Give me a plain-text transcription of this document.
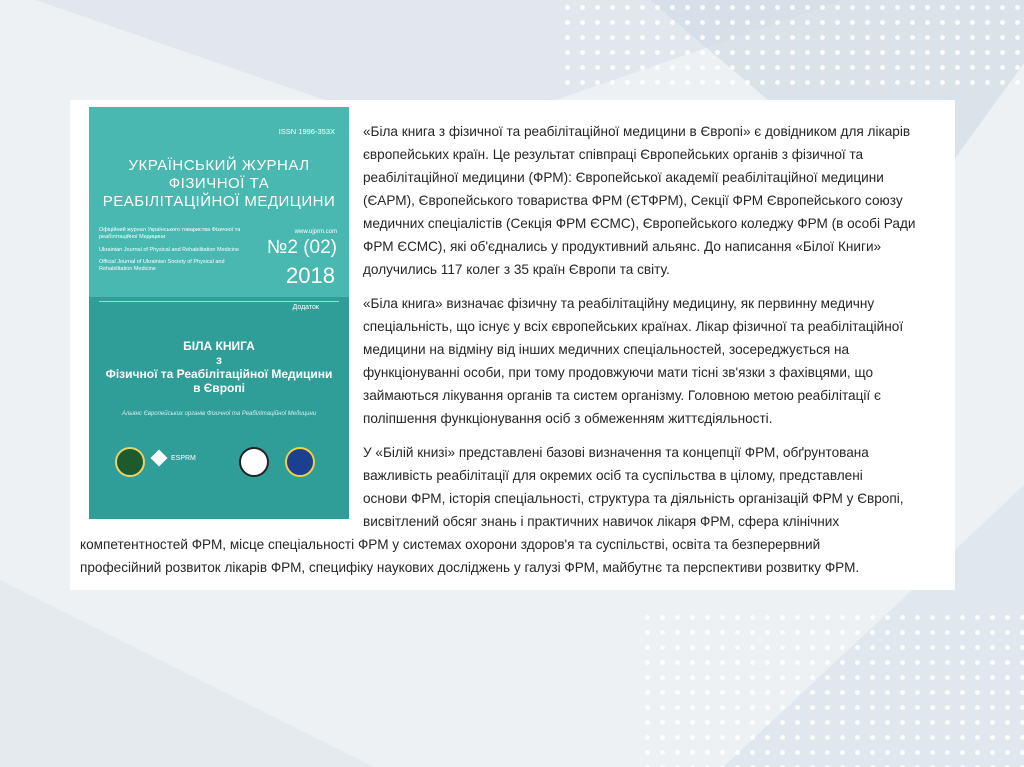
ISSN 1996-353X
УКРАЇНСЬКИЙ ЖУРНАЛ ФІЗИЧНОЇ ТА РЕАБІЛІТАЦІЙНОЇ МЕДИЦИНИ
Офіційний журнал Українського товариства Фізичної та реабілітаційної Медицини
Ukrainian Journal of Physical and Rehabilitation Medicine
Official Journal of Ukrainian Society of Physical and Rehabilitation Medicine
www.ujprm.com
№2 (02)
2018
Додаток
БІЛА КНИГА
з
Фізичної та Реабілітаційної Медицини
в Європі
Альянс Європейських органів Фізичної та Реабілітаційної Медицини
ESPRM

«Біла книга з фізичної та реабілітаційної медицини в Європі» є довідником для лікарів

європейських країн. Це результат співпраці Європейських органів з фізичної та

реабілітаційної медицини (ФРМ): Європейської академії реабілітаційної медицини

(ЄАРМ), Європейського товариства ФРМ (ЄТФРМ), Секції ФРМ Європейського союзу

медичних спеціалістів (Секція ФРМ ЄСМС), Європейського коледжу ФРМ (в особі Ради

ФРМ ЄСМС), які об'єднались у продуктивний альянс. До написання «Білої Книги»

долучились 117 колег з 35 країн Європи та світу.

«Біла книга» визначає фізичну та реабілітаційну медицину, як первинну медичну

спеціальність, що існує у всіх європейських країнах. Лікар фізичної та реабілітаційної

медицини на відміну від інших медичних спеціальностей, зосереджується на

функціонуванні особи, при тому продовжуючи мати тісні зв'язки з фахівцями, що

займаються лікування органів та систем організму. Головною метою реабілітації є

поліпшення функціонування осіб з обмеженням життєдіяльності.

У «Білій книзі» представлені базові визначення та концепції ФРМ, обґрунтована

важливість реабілітації для окремих осіб та суспільства в цілому, представлені

основи ФРМ, історія спеціальності, структура та діяльність організацій ФРМ у Європі,

висвітлений обсяг знань і практичних навичок лікаря ФРМ, сфера клінічних

компетентностей ФРМ, місце спеціальності ФРМ у системах охорони здоров'я та суспільстві, освіта та безперервний

професійний розвиток лікарів ФРМ, специфіку наукових досліджень у галузі ФРМ, майбутнє та перспективи розвитку ФРМ.
